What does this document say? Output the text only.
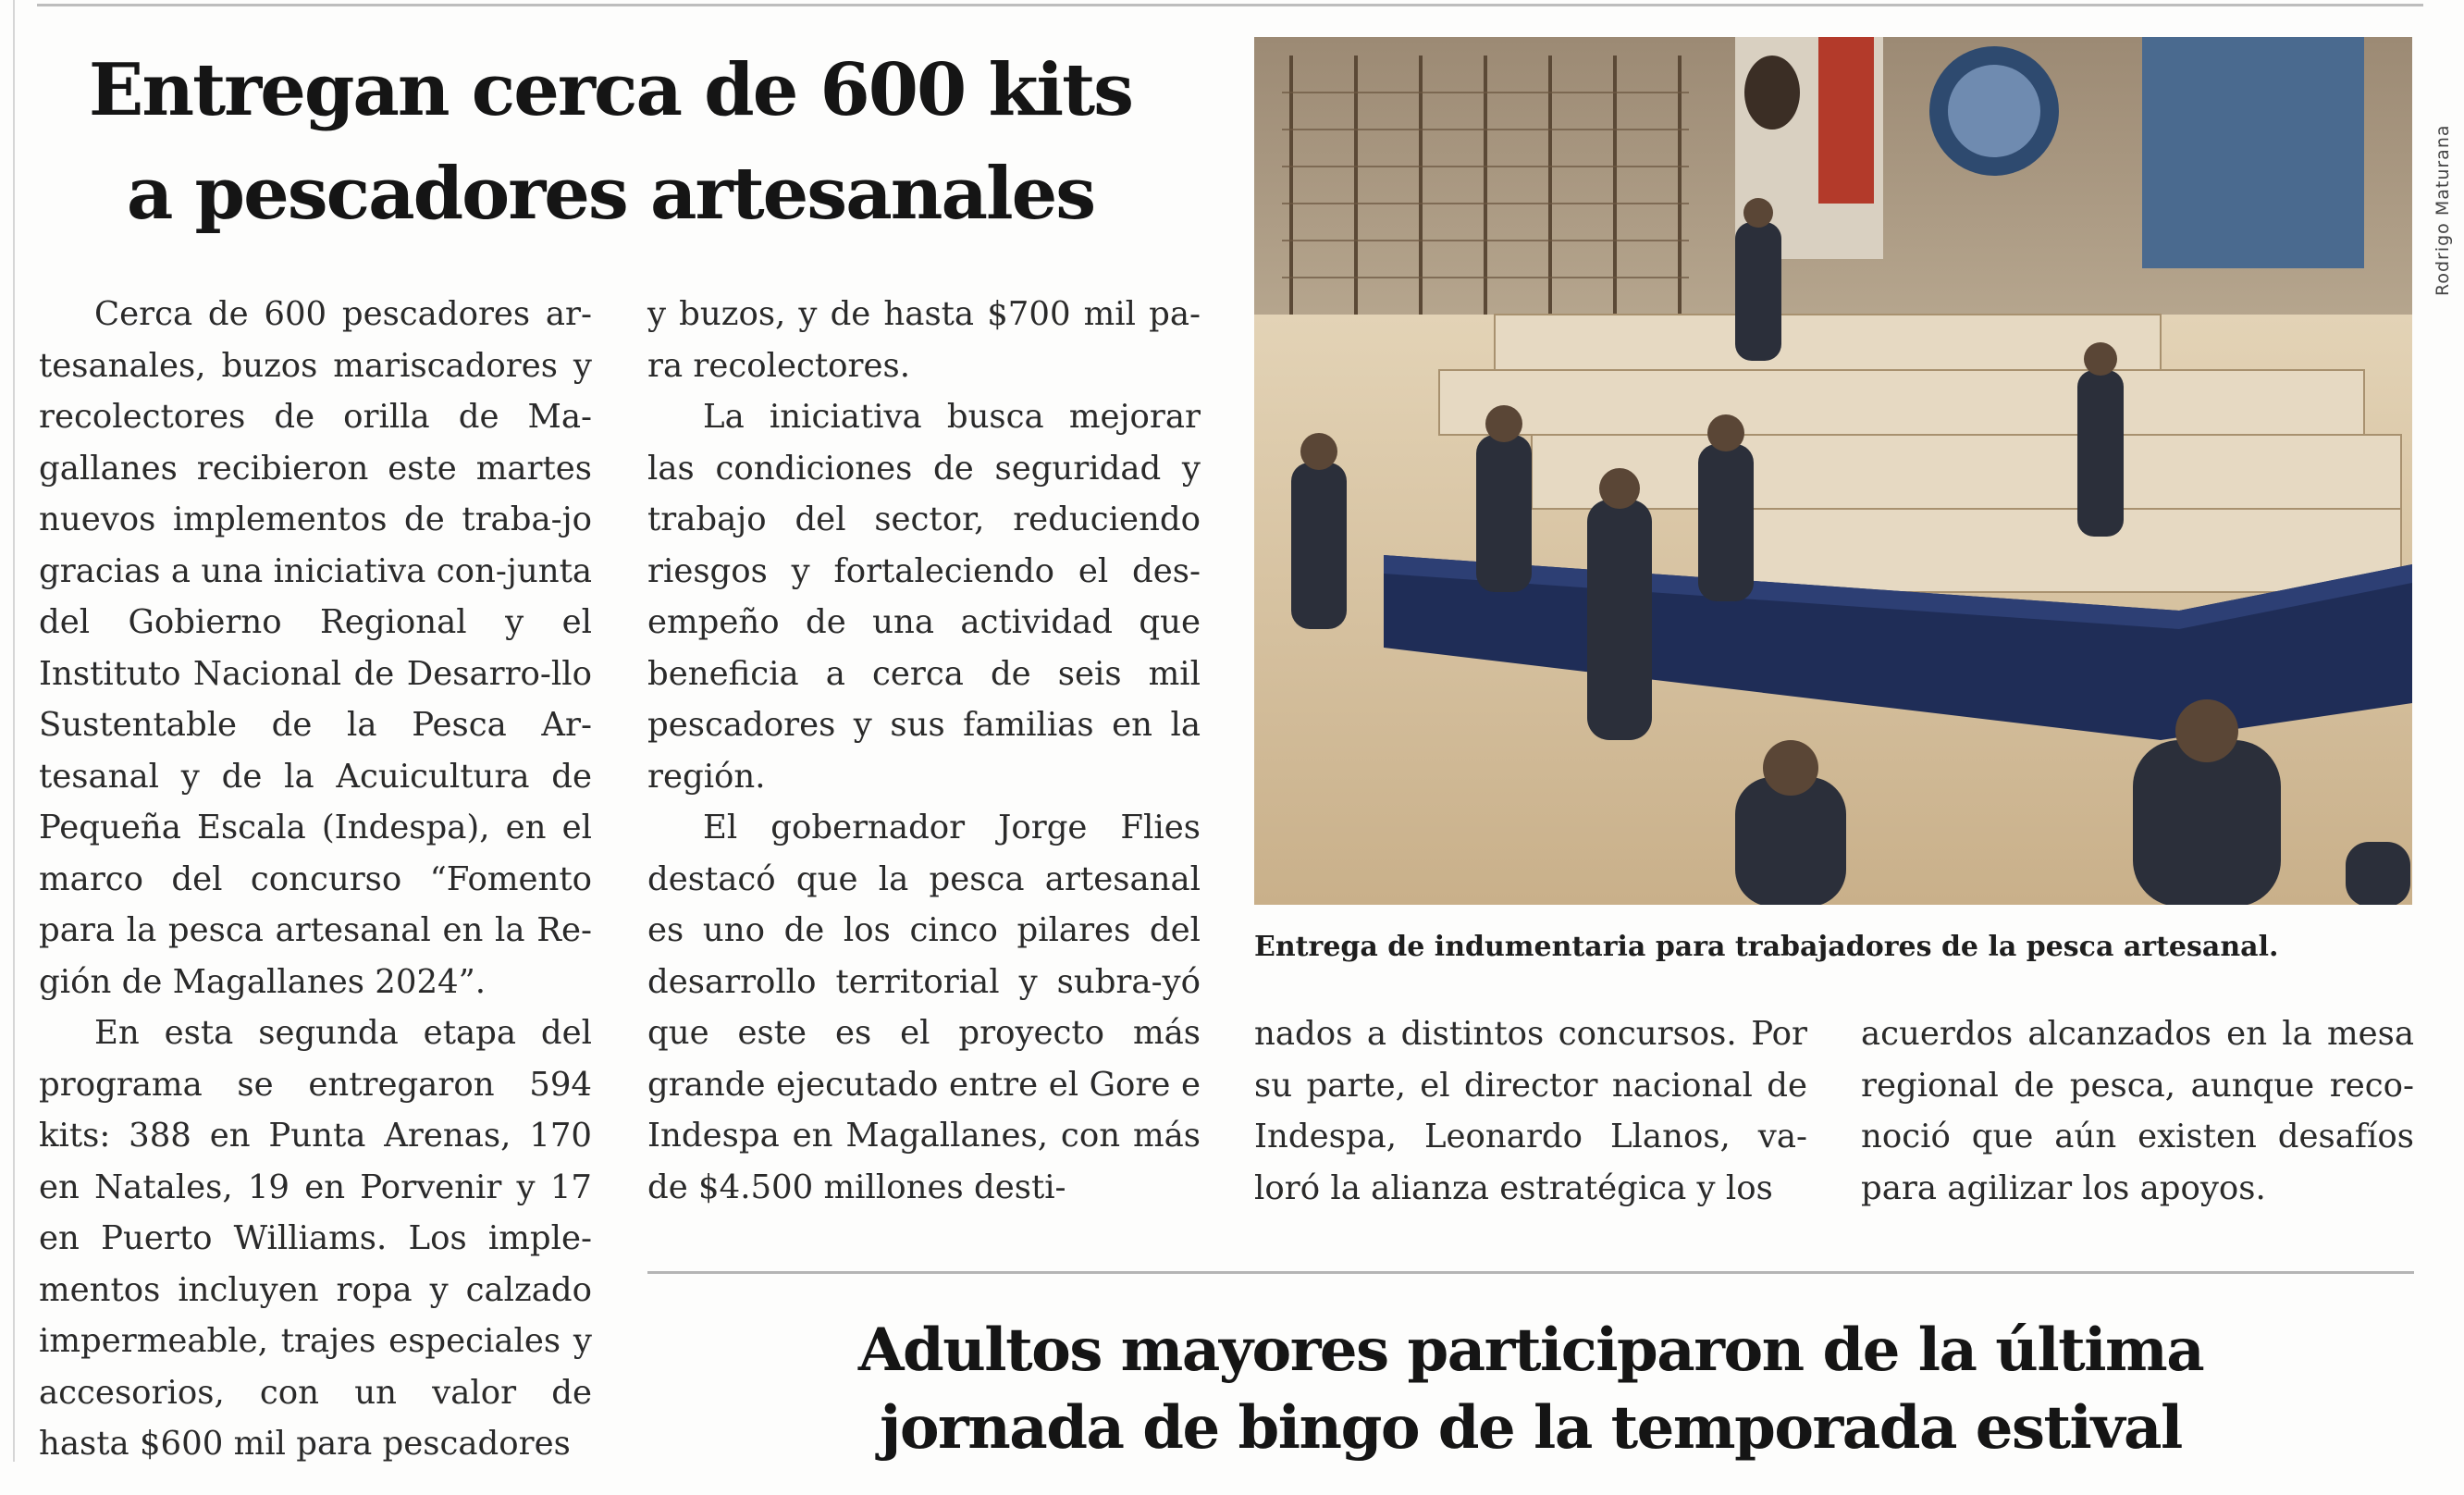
Entregan cerca de 600 kits
a pescadores artesanales

Cerca de 600 pescadores ar-tesanales, buzos mariscadores y recolectores de orilla de Ma-gallanes recibieron este martes nuevos implementos de traba-jo gracias a una iniciativa con-junta del Gobierno Regional y el Instituto Nacional de Desarro-llo Sustentable de la Pesca Ar-tesanal y de la Acuicultura de Pequeña Escala (Indespa), en el marco del concurso “Fomento para la pesca artesanal en la Re-gión de Magallanes 2024”.

En esta segunda etapa del programa se entregaron 594 kits: 388 en Punta Arenas, 170 en Natales, 19 en Porvenir y 17 en Puerto Williams. Los imple-mentos incluyen ropa y calzado impermeable, trajes especiales y accesorios, con un valor de hasta $600 mil para pescadores

y buzos, y de hasta $700 mil pa-ra recolectores.

La iniciativa busca mejorar las condiciones de seguridad y trabajo del sector, reduciendo riesgos y fortaleciendo el des-empeño de una actividad que beneficia a cerca de seis mil pescadores y sus familias en la región.

El gobernador Jorge Flies destacó que la pesca artesanal es uno de los cinco pilares del desarrollo territorial y subra-yó que este es el proyecto más grande ejecutado entre el Gore e Indespa en Magallanes, con más de $4.500 millones desti-

Rodrigo Maturana

Entrega de indumentaria para trabajadores de la pesca artesanal.

nados a distintos concursos. Por su parte, el director nacional de Indespa, Leonardo Llanos, va-loró la alianza estratégica y los

acuerdos alcanzados en la mesa regional de pesca, aunque reco-noció que aún existen desafíos para agilizar los apoyos.

Adultos mayores participaron de la última
jornada de bingo de la temporada estival
